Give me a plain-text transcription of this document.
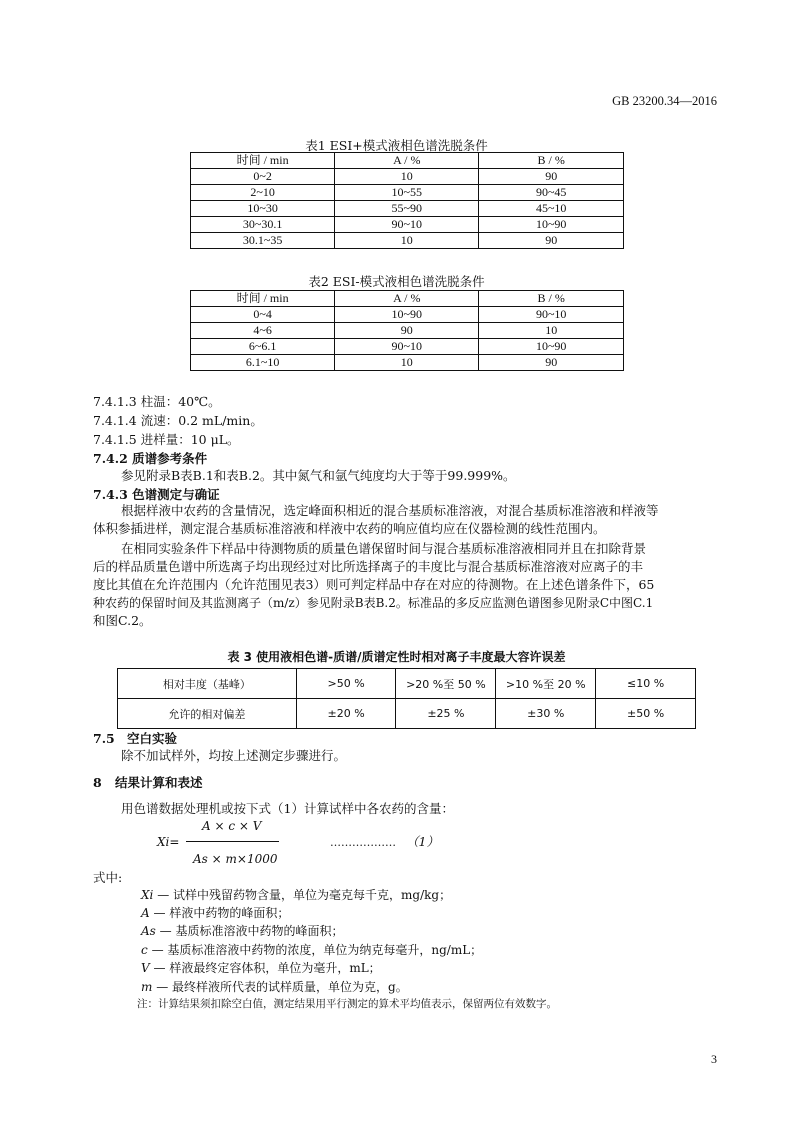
GB 23200.34—2016
表1 ESI+模式液相色谱洗脱条件
时间 / min	A / %	B / %
0~2	10	90
2~10	10~55	90~45
10~30	55~90	45~10
30~30.1	90~10	10~90
30.1~35	10	90
表2 ESI-模式液相色谱洗脱条件
时间 / min	A / %	B / %
0~4	10~90	90~10
4~6	90	10
6~6.1	90~10	10~90
6.1~10	10	90
7.4.1.3 柱温：40℃。
7.4.1.4 流速：0.2 mL/min。
7.4.1.5 进样量：10 μL。
7.4.2 质谱参考条件
参见附录B表B.1和表B.2。其中氮气和氩气纯度均大于等于99.999%。
7.4.3 色谱测定与确证
根据样液中农药的含量情况，选定峰面积相近的混合基质标准溶液，对混合基质标准溶液和样液等
体积参插进样，测定混合基质标准溶液和样液中农药的响应值均应在仪器检测的线性范围内。
在相同实验条件下样品中待测物质的质量色谱保留时间与混合基质标准溶液相同并且在扣除背景
后的样品质量色谱中所选离子均出现经过对比所选择离子的丰度比与混合基质标准溶液对应离子的丰
度比其值在允许范围内（允许范围见表3）则可判定样品中存在对应的待测物。在上述色谱条件下，65
种农药的保留时间及其监测离子（m/z）参见附录B表B.2。标准品的多反应监测色谱图参见附录C中图C.1
和图C.2。
表 3 使用液相色谱-质谱/质谱定性时相对离子丰度最大容许误差
相对丰度（基峰）	>50 %	>20 %至 50 %	>10 %至 20 %	≤10 %
允许的相对偏差	±20 %	±25 %	±30 %	±50 %
7.5 空白实验
除不加试样外，均按上述测定步骤进行。
8 结果计算和表述
用色谱数据处理机或按下式（1）计算试样中各农药的含量：
A × c × V
Xi=
As × m×1000
……………… （1）
式中:
Xi — 试样中残留药物含量，单位为毫克每千克，mg/kg；
A — 样液中药物的峰面积；
As — 基质标准溶液中药物的峰面积；
c — 基质标准溶液中药物的浓度，单位为纳克每毫升，ng/mL；
V — 样液最终定容体积，单位为毫升，mL；
m — 最终样液所代表的试样质量，单位为克，g。
注：计算结果须扣除空白值，测定结果用平行测定的算术平均值表示，保留两位有效数字。
3
